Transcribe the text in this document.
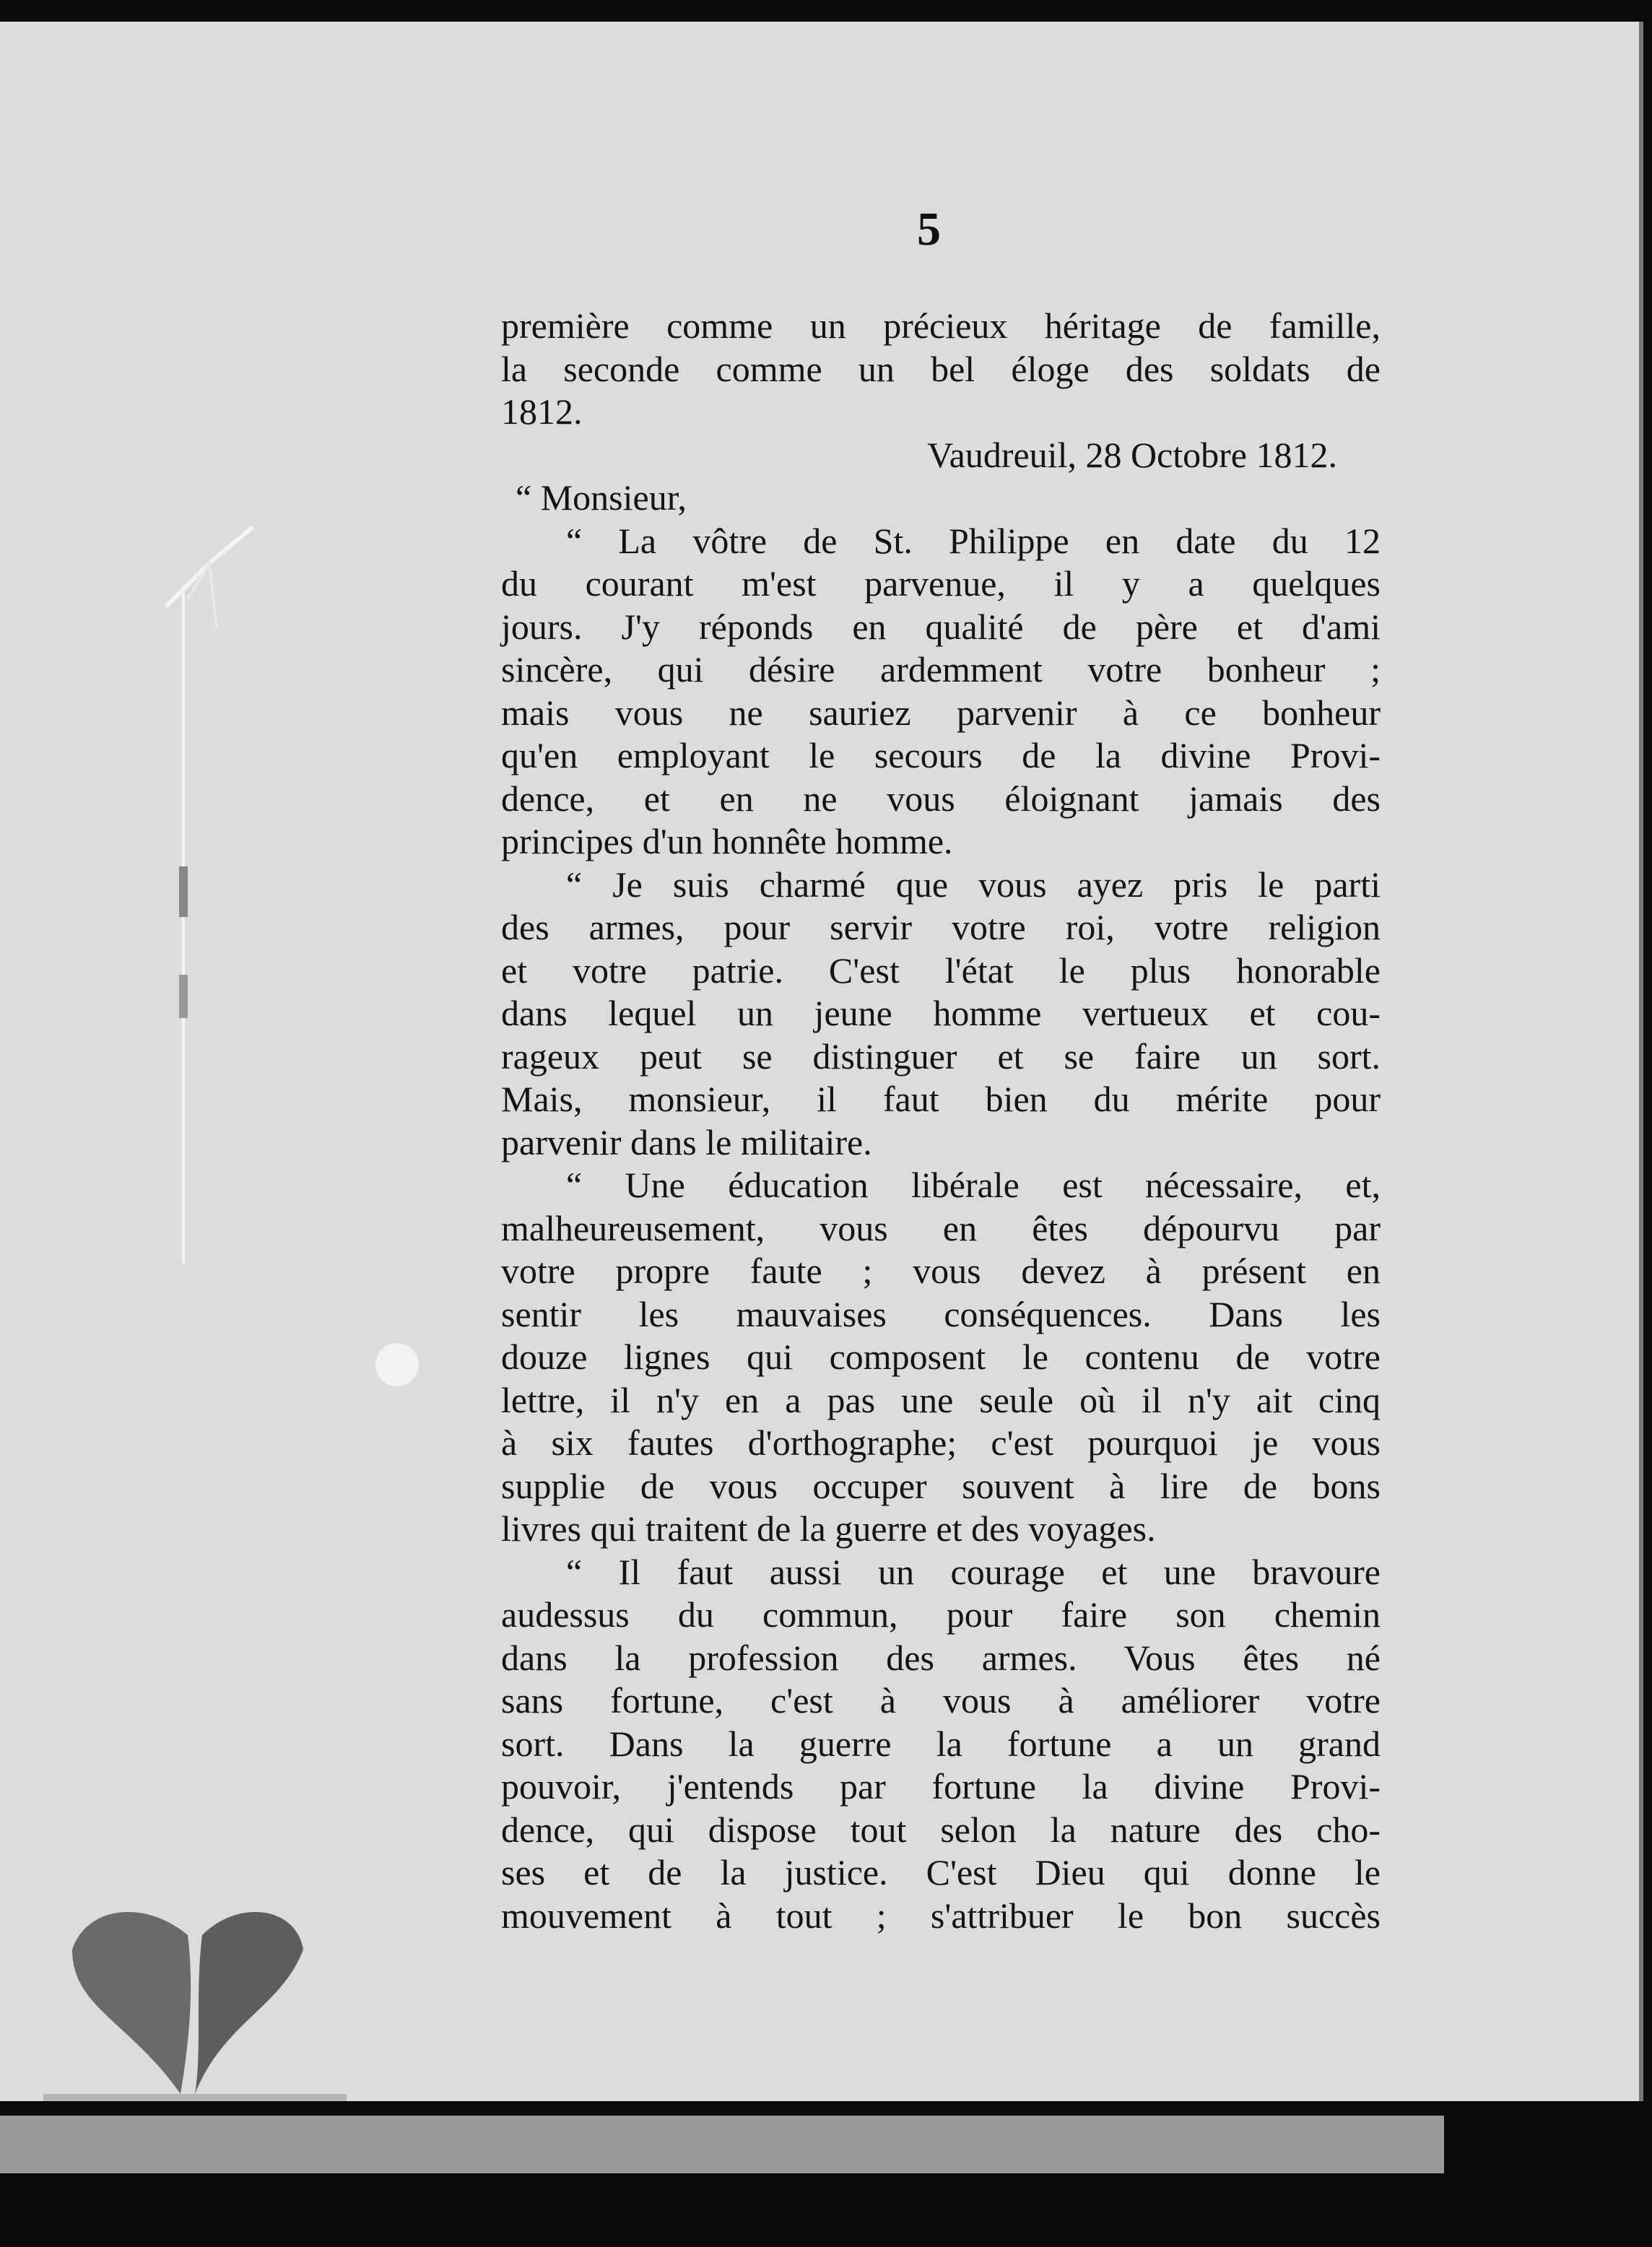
5
première comme un précieux héritage de famille,
la seconde comme un bel éloge des soldats de
1812.
Vaudreuil, 28 Octobre 1812.
“ Monsieur,
“ La vôtre de St. Philippe en date du 12
du courant m'est parvenue, il y a quelques
jours. J'y réponds en qualité de père et d'ami
sincère, qui désire ardemment votre bonheur ;
mais vous ne sauriez parvenir à ce bonheur
qu'en employant le secours de la divine Provi-
dence, et en ne vous éloignant jamais des
principes d'un honnête homme.
“ Je suis charmé que vous ayez pris le parti
des armes, pour servir votre roi, votre religion
et votre patrie. C'est l'état le plus honorable
dans lequel un jeune homme vertueux et cou-
rageux peut se distinguer et se faire un sort.
Mais, monsieur, il faut bien du mérite pour
parvenir dans le militaire.
“ Une éducation libérale est nécessaire, et,
malheureusement, vous en êtes dépourvu par
votre propre faute ; vous devez à présent en
sentir les mauvaises conséquences. Dans les
douze lignes qui composent le contenu de votre
lettre, il n'y en a pas une seule où il n'y ait cinq
à six fautes d'orthographe; c'est pourquoi je vous
supplie de vous occuper souvent à lire de bons
livres qui traitent de la guerre et des voyages.
“ Il faut aussi un courage et une bravoure
audessus du commun, pour faire son chemin
dans la profession des armes. Vous êtes né
sans fortune, c'est à vous à améliorer votre
sort. Dans la guerre la fortune a un grand
pouvoir, j'entends par fortune la divine Provi-
dence, qui dispose tout selon la nature des cho-
ses et de la justice. C'est Dieu qui donne le
mouvement à tout ; s'attribuer le bon succès
